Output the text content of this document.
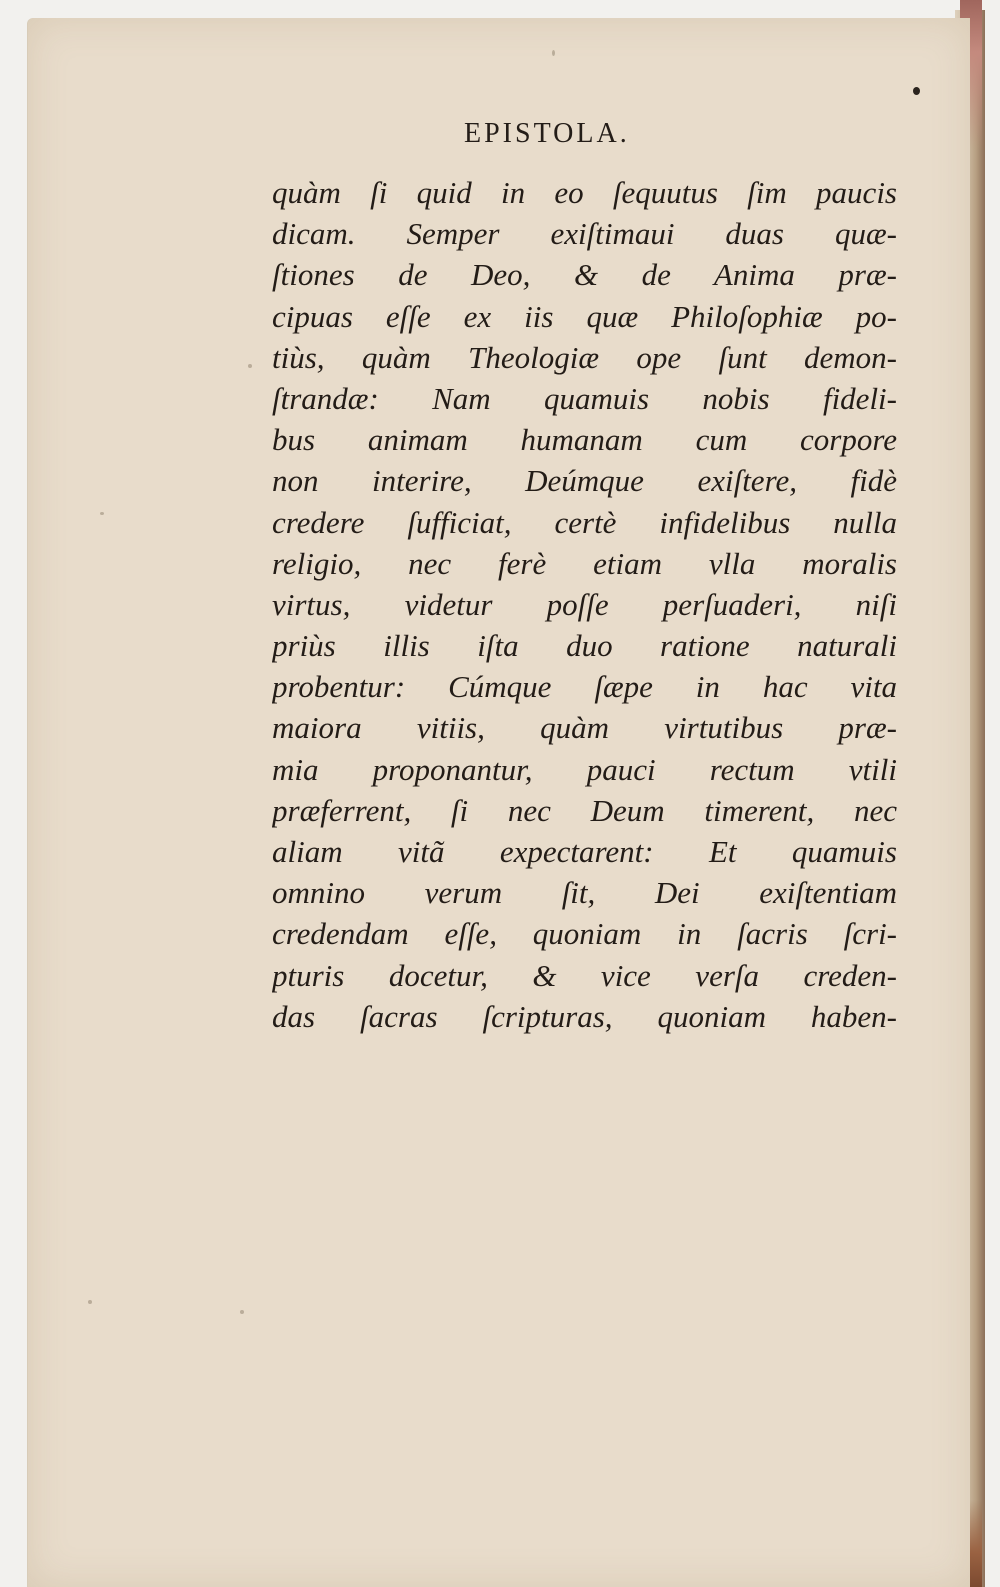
EPISTOLA.
quàm ſi quid in eo ſequutus ſim paucis
dicam. Semper exiſtimaui duas quæ-
ſtiones de Deo, & de Anima præ-
cipuas eſſe ex iis quæ Philoſophiæ po-
tiùs, quàm Theologiæ ope ſunt demon-
ſtrandæ: Nam quamuis nobis fideli-
bus animam humanam cum corpore
non interire, Deúmque exiſtere, fidè
credere ſufficiat, certè infidelibus nulla
religio, nec ferè etiam vlla moralis
virtus, videtur poſſe perſuaderi, niſi
priùs illis iſta duo ratione naturali
probentur: Cúmque ſæpe in hac vita
maiora vitiis, quàm virtutibus præ-
mia proponantur, pauci rectum vtili
præferrent, ſi nec Deum timerent, nec
aliam vitã expectarent: Et quamuis
omnino verum ſit, Dei exiſtentiam
credendam eſſe, quoniam in ſacris ſcri-
pturis docetur, & vice verſa creden-
das ſacras ſcripturas, quoniam haben-
